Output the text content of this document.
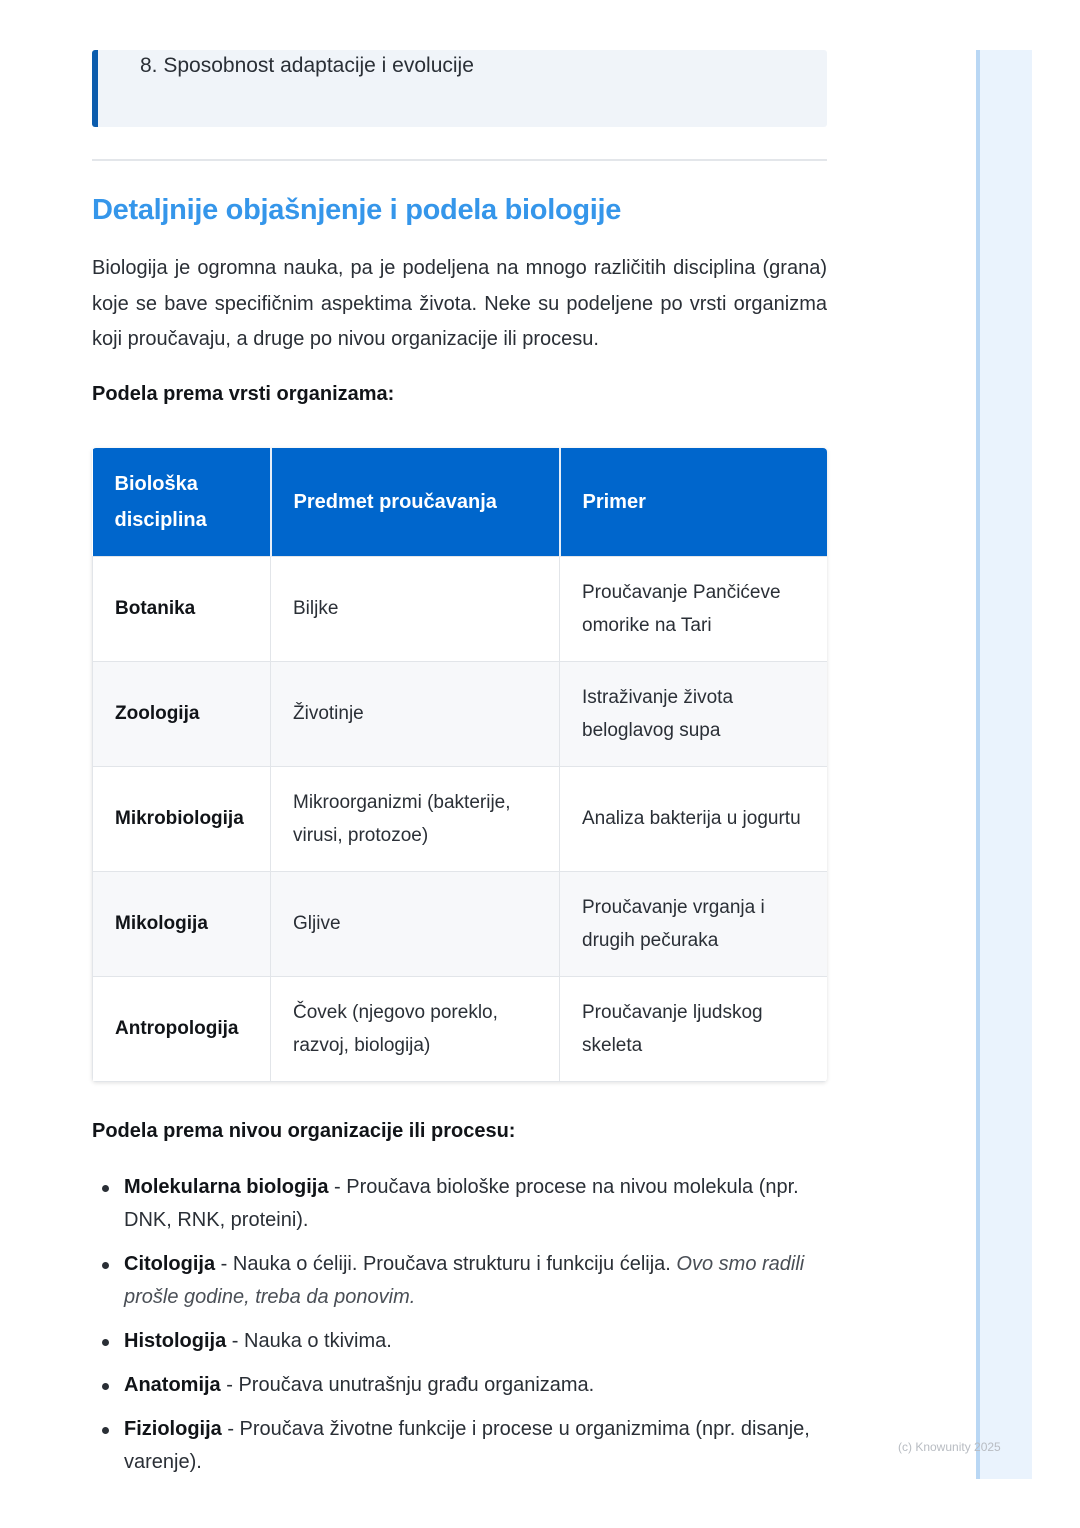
8. Sposobnost adaptacije i evolucije
Detaljnije objašnjenje i podela biologije
Biologija je ogromna nauka, pa je podeljena na mnogo različitih disciplina (grana) koje se bave specifičnim aspektima života. Neke su podeljene po vrsti organizma koji proučavaju, a druge po nivou organizacije ili procesu.
Podela prema vrsti organizama:
Biološka disciplina	Predmet proučavanja	Primer
Botanika	Biljke	Proučavanje Pančićeve omorike na Tari
Zoologija	Životinje	Istraživanje života beloglavog supa
Mikrobiologija	Mikroorganizmi (bakterije, virusi, protozoe)	Analiza bakterija u jogurtu
Mikologija	Gljive	Proučavanje vrganja i drugih pečuraka
Antropologija	Čovek (njegovo poreklo, razvoj, biologija)	Proučavanje ljudskog skeleta
Podela prema nivou organizacije ili procesu:
Molekularna biologija - Proučava biološke procese na nivou molekula (npr. DNK, RNK, proteini).
Citologija - Nauka o ćeliji. Proučava strukturu i funkciju ćelija. Ovo smo radili prošle godine, treba da ponovim.
Histologija - Nauka o tkivima.
Anatomija - Proučava unutrašnju građu organizama.
Fiziologija - Proučava životne funkcije i procese u organizmima (npr. disanje, varenje).
(c) Knowunity 2025
